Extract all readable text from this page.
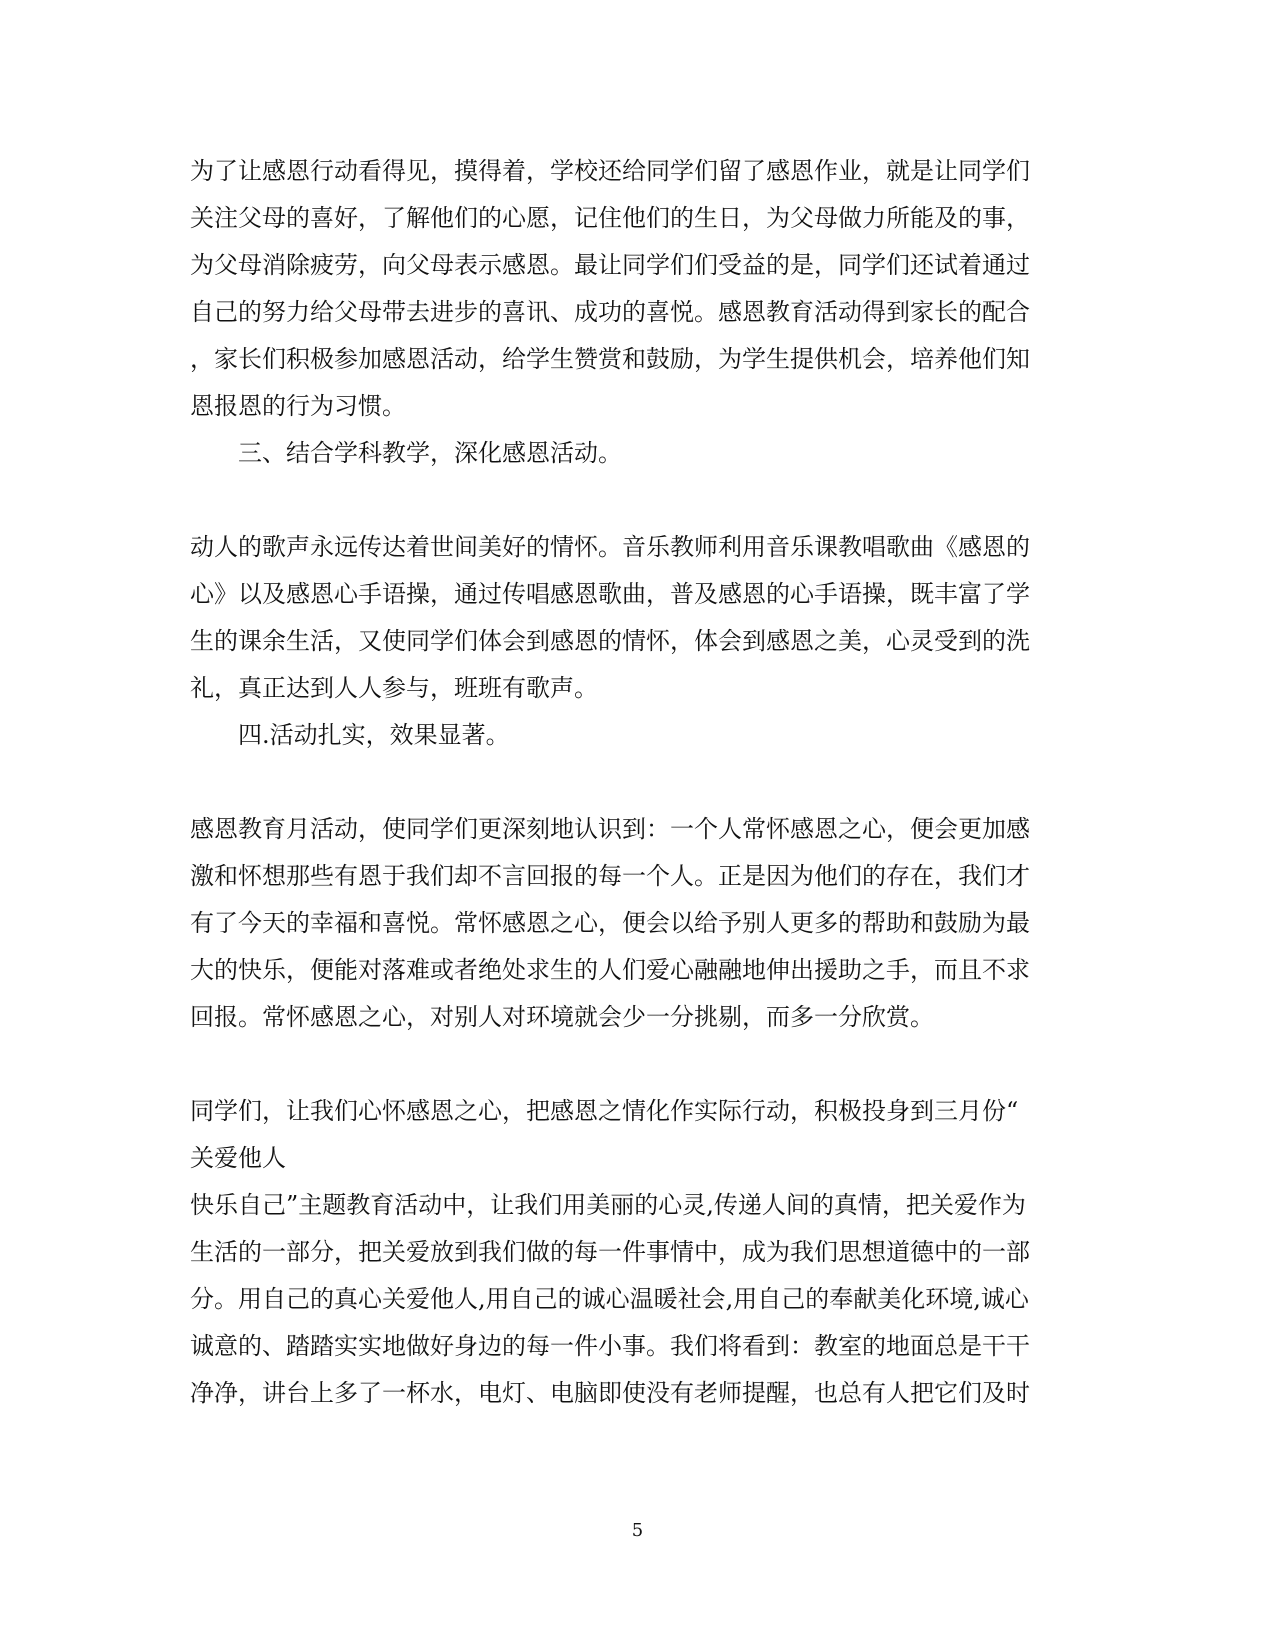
为了让感恩行动看得见，摸得着，学校还给同学们留了感恩作业，就是让同学们
关注父母的喜好，了解他们的心愿，记住他们的生日，为父母做力所能及的事，
为父母消除疲劳，向父母表示感恩。最让同学们们受益的是，同学们还试着通过
自己的努力给父母带去进步的喜讯、成功的喜悦。感恩教育活动得到家长的配合
，家长们积极参加感恩活动，给学生赞赏和鼓励，为学生提供机会，培养他们知
恩报恩的行为习惯。
三、结合学科教学，深化感恩活动。
动人的歌声永远传达着世间美好的情怀。音乐教师利用音乐课教唱歌曲《感恩的
心》以及感恩心手语操，通过传唱感恩歌曲，普及感恩的心手语操，既丰富了学
生的课余生活，又使同学们体会到感恩的情怀，体会到感恩之美，心灵受到的洗
礼，真正达到人人参与，班班有歌声。
四.活动扎实，效果显著。
感恩教育月活动，使同学们更深刻地认识到：一个人常怀感恩之心，便会更加感
激和怀想那些有恩于我们却不言回报的每一个人。正是因为他们的存在，我们才
有了今天的幸福和喜悦。常怀感恩之心，便会以给予别人更多的帮助和鼓励为最
大的快乐，便能对落难或者绝处求生的人们爱心融融地伸出援助之手，而且不求
回报。常怀感恩之心，对别人对环境就会少一分挑剔，而多一分欣赏。
同学们，让我们心怀感恩之心，把感恩之情化作实际行动，积极投身到三月份“
关爱他人
快乐自己”主题教育活动中，让我们用美丽的心灵,传递人间的真情，把关爱作为
生活的一部分，把关爱放到我们做的每一件事情中，成为我们思想道德中的一部
分。用自己的真心关爱他人,用自己的诚心温暖社会,用自己的奉献美化环境,诚心
诚意的、踏踏实实地做好身边的每一件小事。我们将看到：教室的地面总是干干
净净，讲台上多了一杯水，电灯、电脑即使没有老师提醒，也总有人把它们及时
5
